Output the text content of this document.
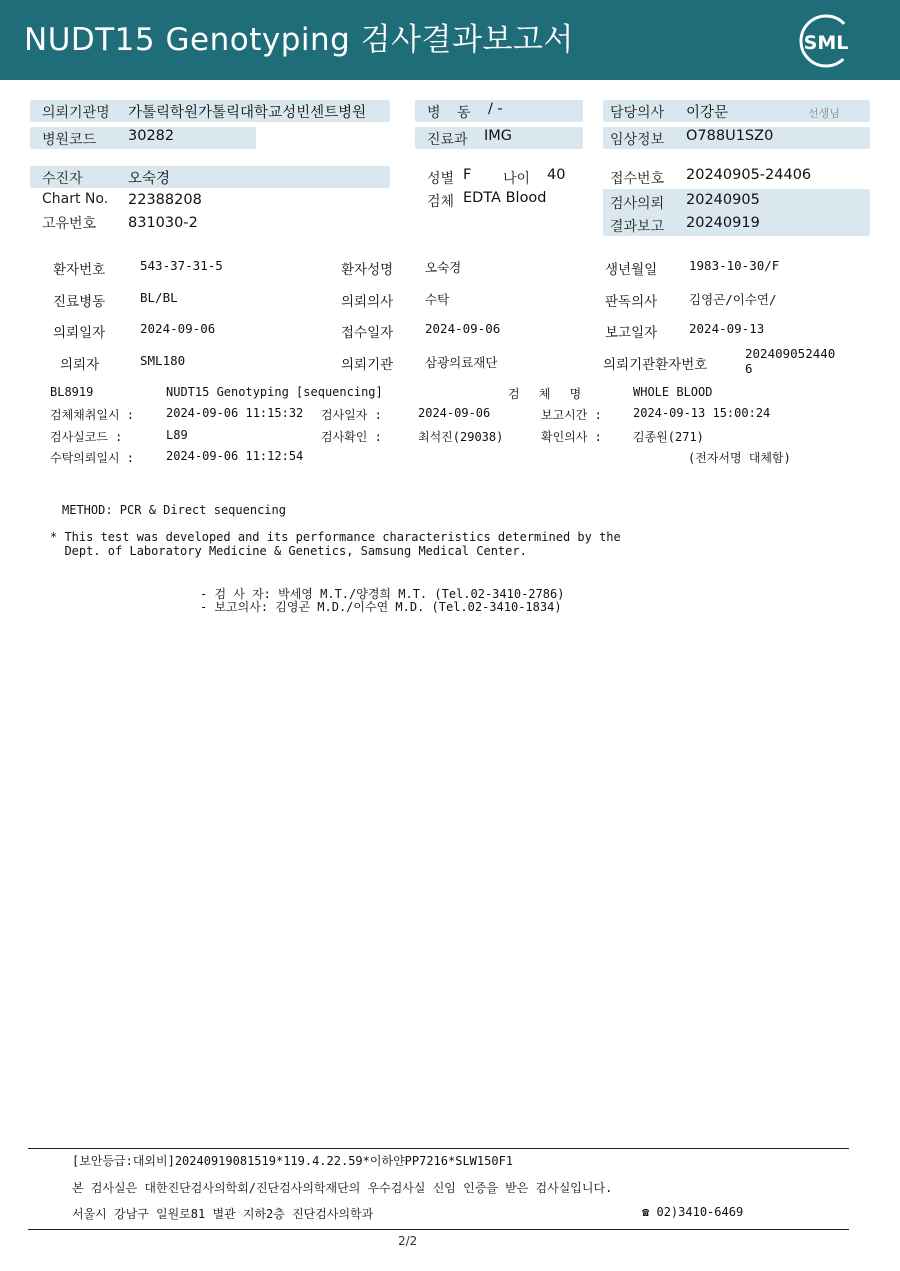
NUDT15 Genotyping 검사결과보고서	SML
의뢰기관명 가톨릭학원가톨릭대학교성빈센트병원
병원코드 30282
병 동 / -
진료과 IMG
담당의사 이강문	선생님
임상정보 O788U1SZ0
수진자	오숙경
Chart No. 22388208
고유번호 831030-2
성별 F 나이 40
검체 EDTA Blood
접수번호 20240905-24406
검사의뢰 20240905
결과보고 20240919
환자번호	543-37-31-5	환자성명	오숙경	생년월일	1983-10-30/F
진료병동	BL/BL	의뢰의사	수탁	판독의사	김영곤/이수연/
의뢰일자	2024-09-06	접수일자	2024-09-06	보고일자	2024-09-13
의뢰자	SML180	의뢰기관	삼광의료재단	의뢰기관환자번호
202409052440
6
BL8919	NUDT15 Genotyping [sequencing]	검 체 명	WHOLE BLOOD
검체채취일시 :	2024-09-06 11:15:32 검사일자 :	2024-09-06	보고시간 :	2024-09-13 15:00:24
검사실코드 :	L89	검사확인 :	최석진(29038)	확인의사 :	김종원(271)
수탁의뢰일시 :	2024-09-06 11:12:54	(전자서명 대체함)
METHOD: PCR & Direct sequencing
* This test was developed and its performance characteristics determined by the
Dept. of Laboratory Medicine & Genetics, Samsung Medical Center.
- 검 사 자: 박세영 M.T./양경희 M.T. (Tel.02-3410-2786)
- 보고의사: 김영곤 M.D./이수연 M.D. (Tel.02-3410-1834)
[보안등급:대외비]20240919081519*119.4.22.59*이하얀PP7216*SLW150F1
본 검사실은 대한진단검사의학회/진단검사의학재단의 우수검사실 신임 인증을 받은 검사실입니다.
서울시 강남구 일원로81 별관 지하2층 진단검사의학과	☎ 02)3410-6469
2/2
